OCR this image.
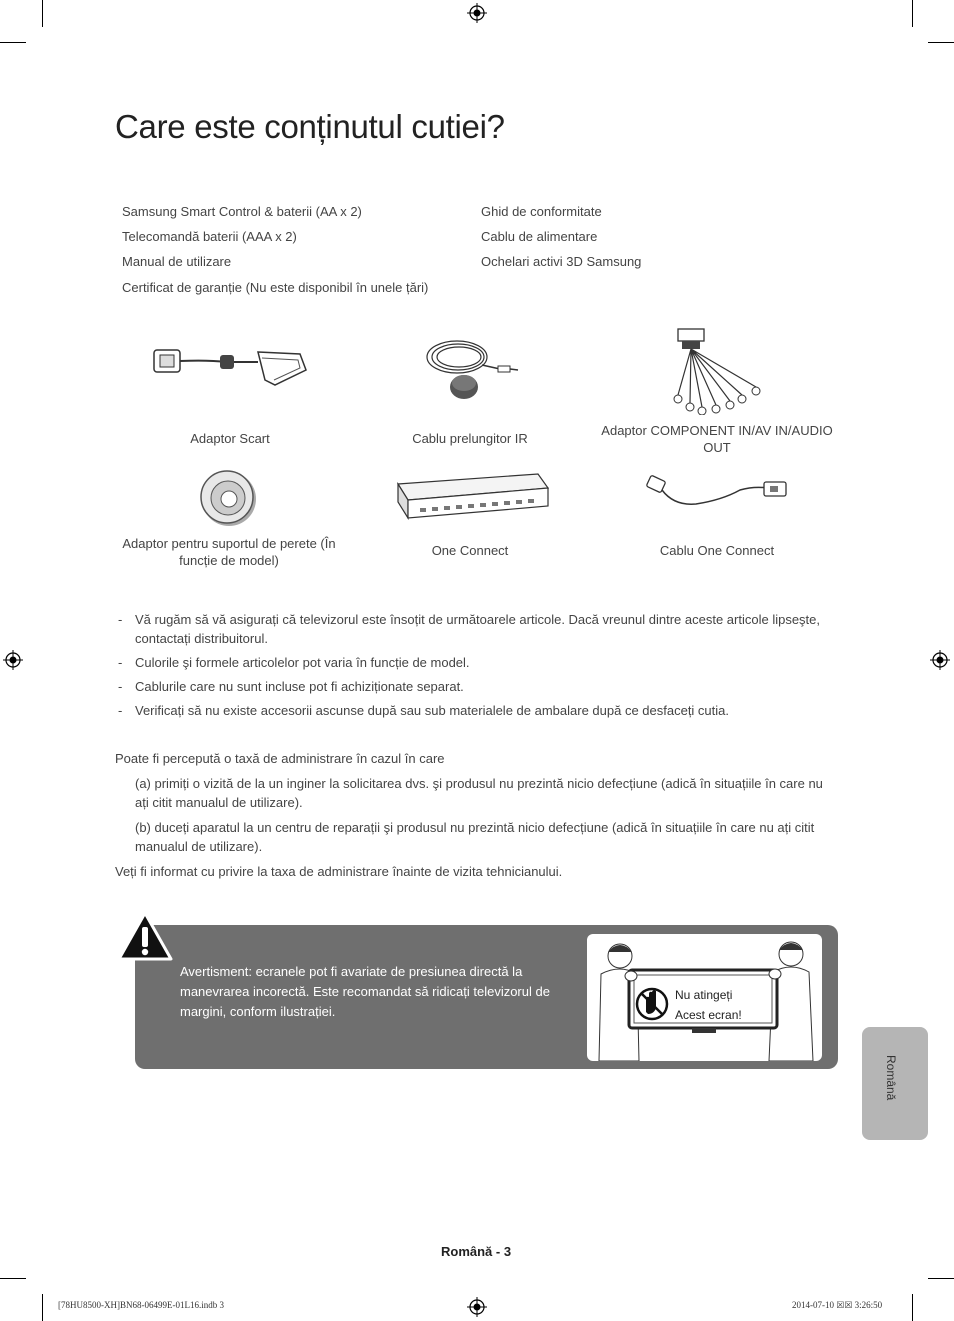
Care este conținutul cutiei?
Samsung Smart Control & baterii (AA x 2)
Telecomandă baterii (AAA x 2)
Manual de utilizare
Certificat de garanție (Nu este disponibil în unele țări)
Ghid de conformitate
Cablu de alimentare
Ochelari activi 3D Samsung
Adaptor Scart	Cablu prelungitor IR
Adaptor COMPONENT IN/AV IN/AUDIO OUT
Adaptor pentru suportul de perete (În funcție de model)
One Connect	Cablu One Connect
- Vă rugăm să vă asigurați că televizorul este însoțit de următoarele articole. Dacă vreunul dintre aceste articole lipseşte, contactați distribuitorul.
- Culorile şi formele articolelor pot varia în funcție de model.
- Cablurile care nu sunt incluse pot fi achiziționate separat.
- Verificați să nu existe accesorii ascunse după sau sub materialele de ambalare după ce desfaceți cutia.

Poate fi percepută o taxă de administrare în cazul în care

(a) primiți o vizită de la un inginer la solicitarea dvs. şi produsul nu prezintă nicio defecțiune (adică în situațiile în care nu ați citit manualul de utilizare).

(b) duceți aparatul la un centru de reparații şi produsul nu prezintă nicio defecțiune (adică în situațiile în care nu ați citit manualul de utilizare).

Veți fi informat cu privire la taxa de administrare înainte de vizita tehnicianului.

Avertisment: ecranele pot fi avariate de presiunea directă la manevrarea incorectă. Este recomandat să ridicați televizorul de margini, conform ilustrației.
Nu atingeți
Acest ecran!
Română
Română - 3
[78HU8500-XH]BN68-06499E-01L16.indb 3	2014-07-10 ☒☒ 3:26:50
